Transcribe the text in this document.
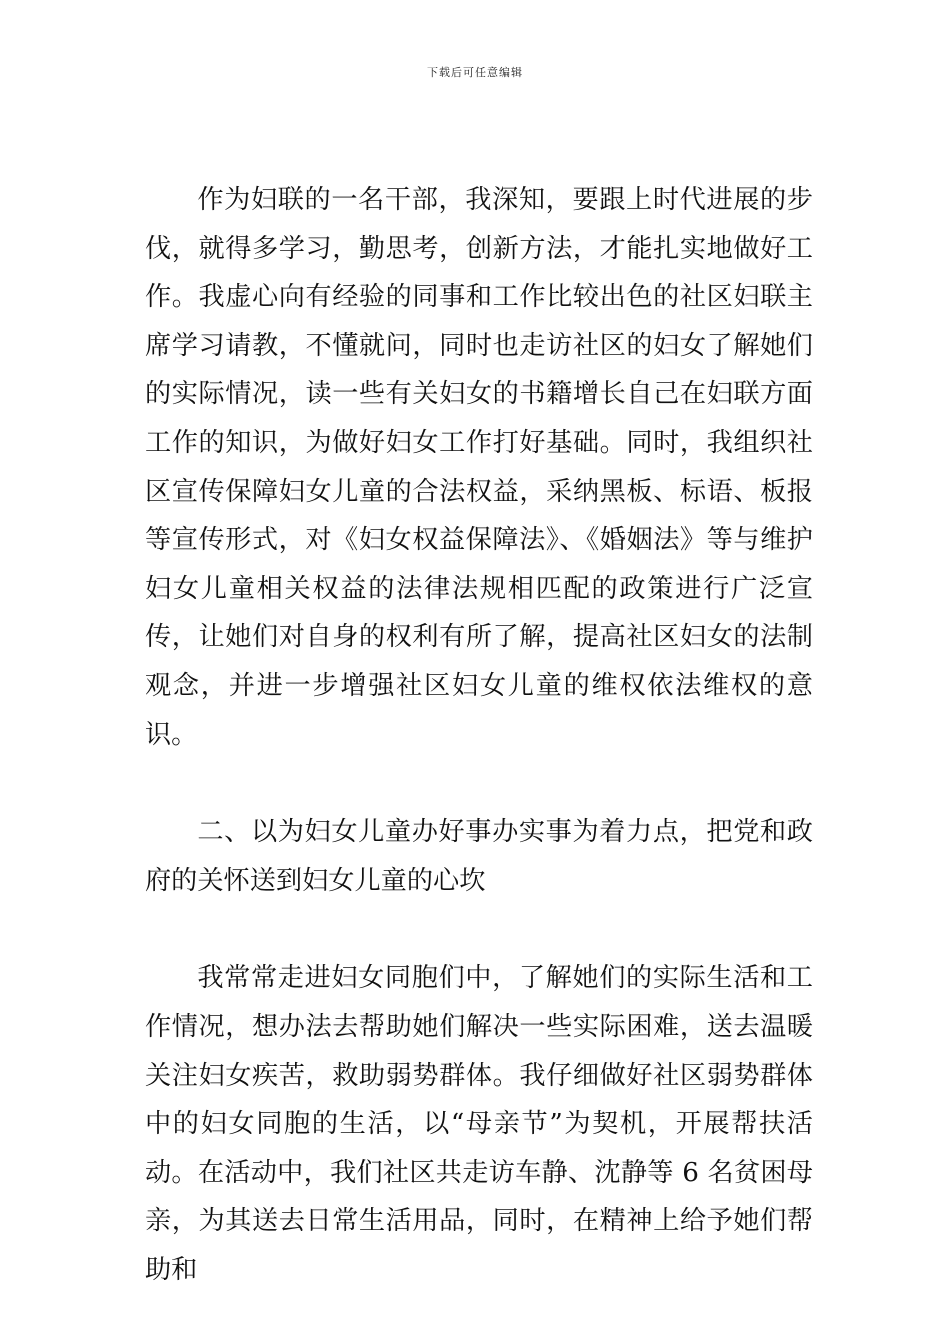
下载后可任意编辑

作为妇联的一名干部，我深知，要跟上时代进展的步伐，就得多学习，勤思考，创新方法，才能扎实地做好工作。我虚心向有经验的同事和工作比较出色的社区妇联主席学习请教，不懂就问，同时也走访社区的妇女了解她们的实际情况，读一些有关妇女的书籍增长自己在妇联方面工作的知识，为做好妇女工作打好基础。同时，我组织社区宣传保障妇女儿童的合法权益，采纳黑板、标语、板报等宣传形式，对《妇女权益保障法》、《婚姻法》等与维护妇女儿童相关权益的法律法规相匹配的政策进行广泛宣传，让她们对自身的权利有所了解，提高社区妇女的法制观念，并进一步增强社区妇女儿童的维权依法维权的意识。

二、以为妇女儿童办好事办实事为着力点，把党和政府的关怀送到妇女儿童的心坎

我常常走进妇女同胞们中，了解她们的实际生活和工作情况，想办法去帮助她们解决一些实际困难，送去温暖关注妇女疾苦，救助弱势群体。我仔细做好社区弱势群体中的妇女同胞的生活，以“母亲节”为契机，开展帮扶活动。在活动中，我们社区共走访车静、沈静等 6 名贫困母亲，为其送去日常生活用品，同时，在精神上给予她们帮助和
